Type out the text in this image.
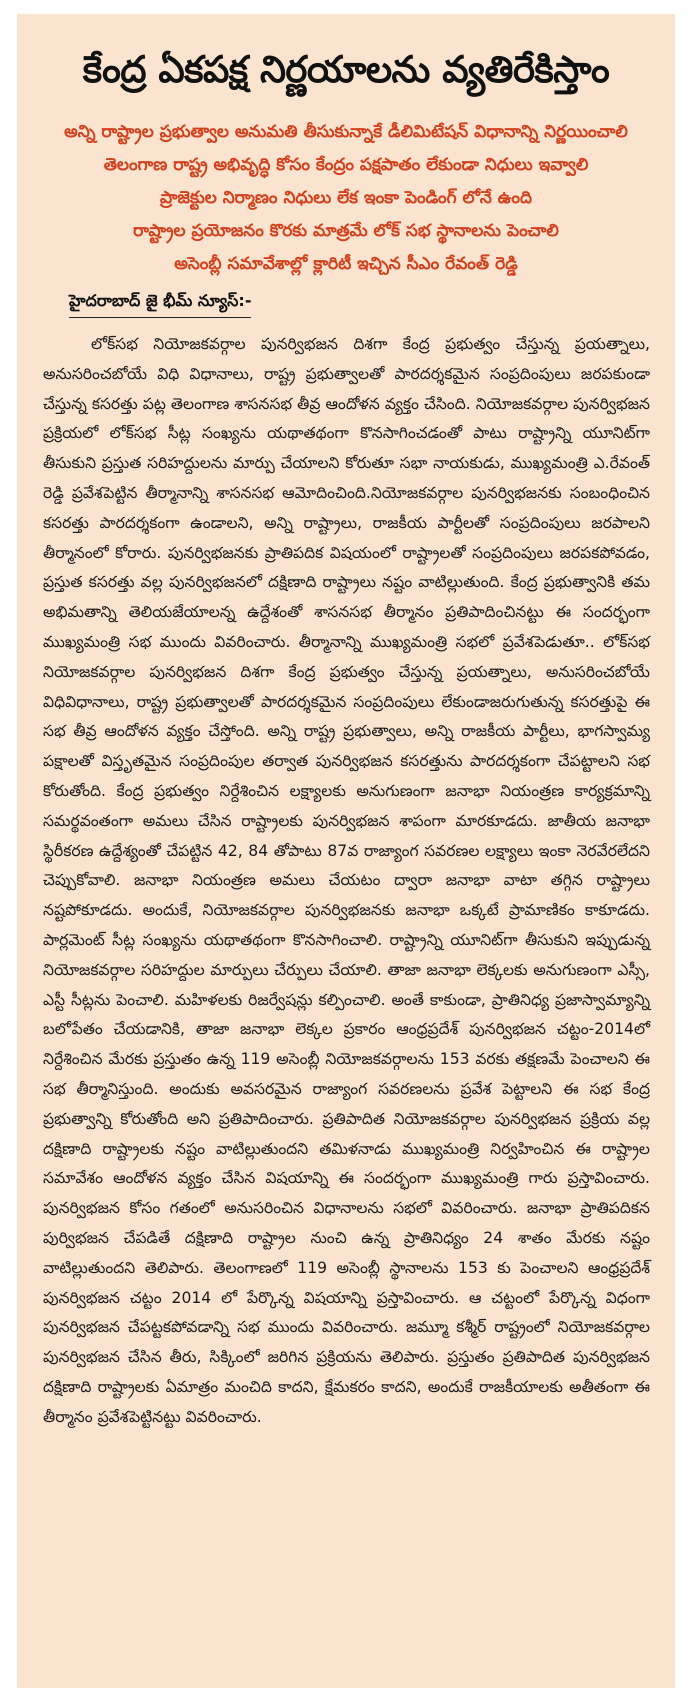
కేంద్ర ఏకపక్ష నిర్ణయాలను వ్యతిరేకిస్తాం
అన్ని రాష్ట్రాల ప్రభుత్వాల అనుమతి తీసుకున్నాకే డీలిమిటేషన్ విధానాన్ని నిర్ణయించాలి
తెలంగాణ రాష్ట్ర అభివృద్ధి కోసం కేంద్రం పక్షపాతం లేకుండా నిధులు ఇవ్వాలి
ప్రాజెక్టుల నిర్మాణం నిధులు లేక ఇంకా పెండింగ్ లోనే ఉంది
రాష్ట్రాల ప్రయోజనం కొరకు మాత్రమే లోక్ సభ స్థానాలను పెంచాలి
అసెంబ్లీ సమావేశాల్లో క్లారిటీ ఇచ్చిన సీఎం రేవంత్ రెడ్డి
హైదరాబాద్ జై భీమ్ న్యూస్:-

లోక్‌సభ నియోజకవర్గాల పునర్విభజన దిశగా కేంద్ర ప్రభుత్వం చేస్తున్న ప్రయత్నాలు, అనుసరించబోయే విధి విధానాలు, రాష్ట్ర ప్రభుత్వాలతో పారదర్శకమైన సంప్రదింపులు జరపకుండా చేస్తున్న కసరత్తు పట్ల తెలంగాణ శాసనసభ తీవ్ర ఆందోళన వ్యక్తం చేసింది. నియోజకవర్గాల పునర్విభజన ప్రక్రియలో లోక్‌సభ సీట్ల సంఖ్యను యథాతథంగా కొనసాగించడంతో పాటు రాష్ట్రాన్ని యూనిట్‌గా తీసుకుని ప్రస్తుత సరిహద్దులను మార్పు చేయాలని కోరుతూ సభా నాయకుడు, ముఖ్యమంత్రి ఎ.రేవంత్ రెడ్డి ప్రవేశపెట్టిన తీర్మానాన్ని శాసనసభ ఆమోదించింది.నియోజకవర్గాల పునర్విభజనకు సంబంధించిన కసరత్తు పారదర్శకంగా ఉండాలని, అన్ని రాష్ట్రాలు, రాజకీయ పార్టీలతో సంప్రదింపులు జరపాలని తీర్మానంలో కోరారు. పునర్విభజనకు ప్రాతిపదిక విషయంలో రాష్ట్రాలతో సంప్రదింపులు జరపకపోవడం, ప్రస్తుత కసరత్తు వల్ల పునర్విభజనలో దక్షిణాది రాష్ట్రాలు నష్టం వాటిల్లుతుంది. కేంద్ర ప్రభుత్వానికి తమ అభిమతాన్ని తెలియజేయాలన్న ఉద్దేశంతో శాసనసభ తీర్మానం ప్రతిపాదించినట్టు ఈ సందర్భంగా ముఖ్యమంత్రి సభ ముందు వివరించారు. తీర్మానాన్ని ముఖ్యమంత్రి సభలో ప్రవేశపెడుతూ.. లోక్‌సభ నియోజకవర్గాల పునర్విభజన దిశగా కేంద్ర ప్రభుత్వం చేస్తున్న ప్రయత్నాలు, అనుసరించబోయే విధివిధానాలు, రాష్ట్ర ప్రభుత్వాలతో పారదర్శకమైన సంప్రదింపులు లేకుండాజరుగుతున్న కసరత్తుపై ఈ సభ తీవ్ర ఆందోళన వ్యక్తం చేస్తోంది. అన్ని రాష్ట్ర ప్రభుత్వాలు, అన్ని రాజకీయ పార్టీలు, భాగస్వామ్య పక్షాలతో విస్తృతమైన సంప్రదింపుల తర్వాత పునర్విభజన కసరత్తును పారదర్శకంగా చేపట్టాలని సభ కోరుతోంది. కేంద్ర ప్రభుత్వం నిర్దేశించిన లక్ష్యాలకు అనుగుణంగా జనాభా నియంత్రణ కార్యక్రమాన్ని సమర్థవంతంగా అమలు చేసిన రాష్ట్రాలకు పునర్విభజన శాపంగా మారకూడదు. జాతీయ జనాభా స్థిరీకరణ ఉద్దేశ్యంతో చేపట్టిన 42, 84 తోపాటు 87వ రాజ్యాంగ సవరణల లక్ష్యాలు ఇంకా నెరవేరలేదని చెప్పుకోవాలి. జనాభా నియంత్రణ అమలు చేయటం ద్వారా జనాభా వాటా తగ్గిన రాష్ట్రాలు నష్టపోకూడదు. అందుకే, నియోజకవర్గాల పునర్విభజనకు జనాభా ఒక్కటే ప్రామాణికం కాకూడదు. పార్లమెంట్ సీట్ల సంఖ్యను యథాతథంగా కొనసాగించాలి. రాష్ట్రాన్ని యూనిట్‌గా తీసుకుని ఇప్పుడున్న నియోజకవర్గాల సరిహద్దుల మార్పులు చేర్పులు చేయాలి. తాజా జనాభా లెక్కలకు అనుగుణంగా ఎస్సీ, ఎస్టీ సీట్లను పెంచాలి. మహిళలకు రిజర్వేషన్లు కల్పించాలి. అంతే కాకుండా, ప్రాతినిధ్య ప్రజాస్వామ్యాన్ని బలోపేతం చేయడానికి, తాజా జనాభా లెక్కల ప్రకారం ఆంధ్రప్రదేశ్ పునర్విభజన చట్టం-2014లో నిర్దేశించిన మేరకు ప్రస్తుతం ఉన్న 119 అసెంబ్లీ నియోజకవర్గాలను 153 వరకు తక్షణమే పెంచాలని ఈ సభ తీర్మానిస్తుంది. అందుకు అవసరమైన రాజ్యాంగ సవరణలను ప్రవేశ పెట్టాలని ఈ సభ కేంద్ర ప్రభుత్వాన్ని కోరుతోంది అని ప్రతిపాదించారు. ప్రతిపాదిత నియోజకవర్గాల పునర్విభజన ప్రక్రియ వల్ల దక్షిణాది రాష్ట్రాలకు నష్టం వాటిల్లుతుందని తమిళనాడు ముఖ్యమంత్రి నిర్వహించిన ఈ రాష్ట్రాల సమావేశం ఆందోళన వ్యక్తం చేసిన విషయాన్ని ఈ సందర్భంగా ముఖ్యమంత్రి గారు ప్రస్తావించారు. పునర్విభజన కోసం గతంలో అనుసరించిన విధానాలను సభలో వివరించారు. జనాభా ప్రాతిపదికన పుర్విభజన చేపడితే దక్షిణాది రాష్ట్రాల నుంచి ఉన్న ప్రాతినిధ్యం 24 శాతం మేరకు నష్టం వాటిల్లుతుందని తెలిపారు. తెలంగాణలో 119 అసెంబ్లీ స్థానాలను 153 కు పెంచాలని ఆంధ్రప్రదేశ్ పునర్విభజన చట్టం 2014 లో పేర్కొన్న విషయాన్ని ప్రస్తావించారు. ఆ చట్టంలో పేర్కొన్న విధంగా పునర్విభజన చేపట్టకపోవడాన్ని సభ ముందు వివరించారు. జమ్మూ కశ్మీర్ రాష్ట్రంలో నియోజకవర్గాల పునర్విభజన చేసిన తీరు, సిక్కింలో జరిగిన ప్రక్రియను తెలిపారు. ప్రస్తుతం ప్రతిపాదిత పునర్విభజన దక్షిణాది రాష్ట్రాలకు ఏమాత్రం మంచిది కాదని, క్షేమకరం కాదని, అందుకే రాజకీయాలకు అతీతంగా ఈ తీర్మానం ప్రవేశపెట్టినట్టు వివరించారు.
